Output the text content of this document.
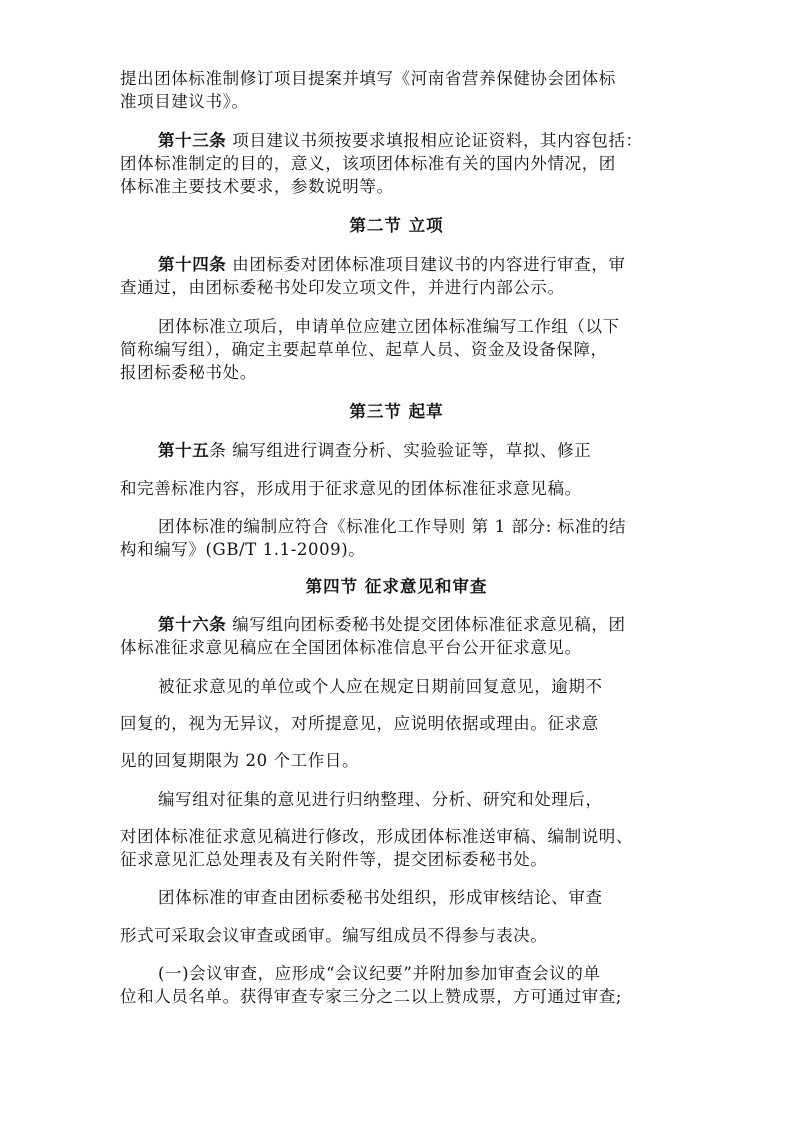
提出团体标准制修订项目提案并填写《河南省营养保健协会团体标
准项目建议书》。
第十三条 项目建议书须按要求填报相应论证资料，其内容包括：
团体标准制定的目的，意义，该项团体标准有关的国内外情况，团
体标准主要技术要求，参数说明等。
第二节 立项
第十四条 由团标委对团体标准项目建议书的内容进行审查，审
查通过，由团标委秘书处印发立项文件，并进行内部公示。
团体标准立项后，申请单位应建立团体标准编写工作组（以下
简称编写组），确定主要起草单位、起草人员、资金及设备保障，
报团标委秘书处。
第三节 起草
第十五条 编写组进行调查分析、实验验证等，草拟、修正
和完善标准内容，形成用于征求意见的团体标准征求意见稿。
团体标准的编制应符合《标准化工作导则 第 1 部分: 标准的结
构和编写》(GB/T 1.1-2009)。
第四节 征求意见和审查
第十六条 编写组向团标委秘书处提交团体标准征求意见稿，团
体标准征求意见稿应在全国团体标准信息平台公开征求意见。
被征求意见的单位或个人应在规定日期前回复意见，逾期不
回复的，视为无异议，对所提意见，应说明依据或理由。征求意
见的回复期限为 20 个工作日。
编写组对征集的意见进行归纳整理、分析、研究和处理后，
对团体标准征求意见稿进行修改，形成团体标准送审稿、编制说明、
征求意见汇总处理表及有关附件等，提交团标委秘书处。
团体标准的审查由团标委秘书处组织，形成审核结论、审查
形式可采取会议审查或函审。编写组成员不得参与表决。
(一)会议审查，应形成“会议纪要”并附加参加审查会议的单
位和人员名单。获得审查专家三分之二以上赞成票，方可通过审查;
